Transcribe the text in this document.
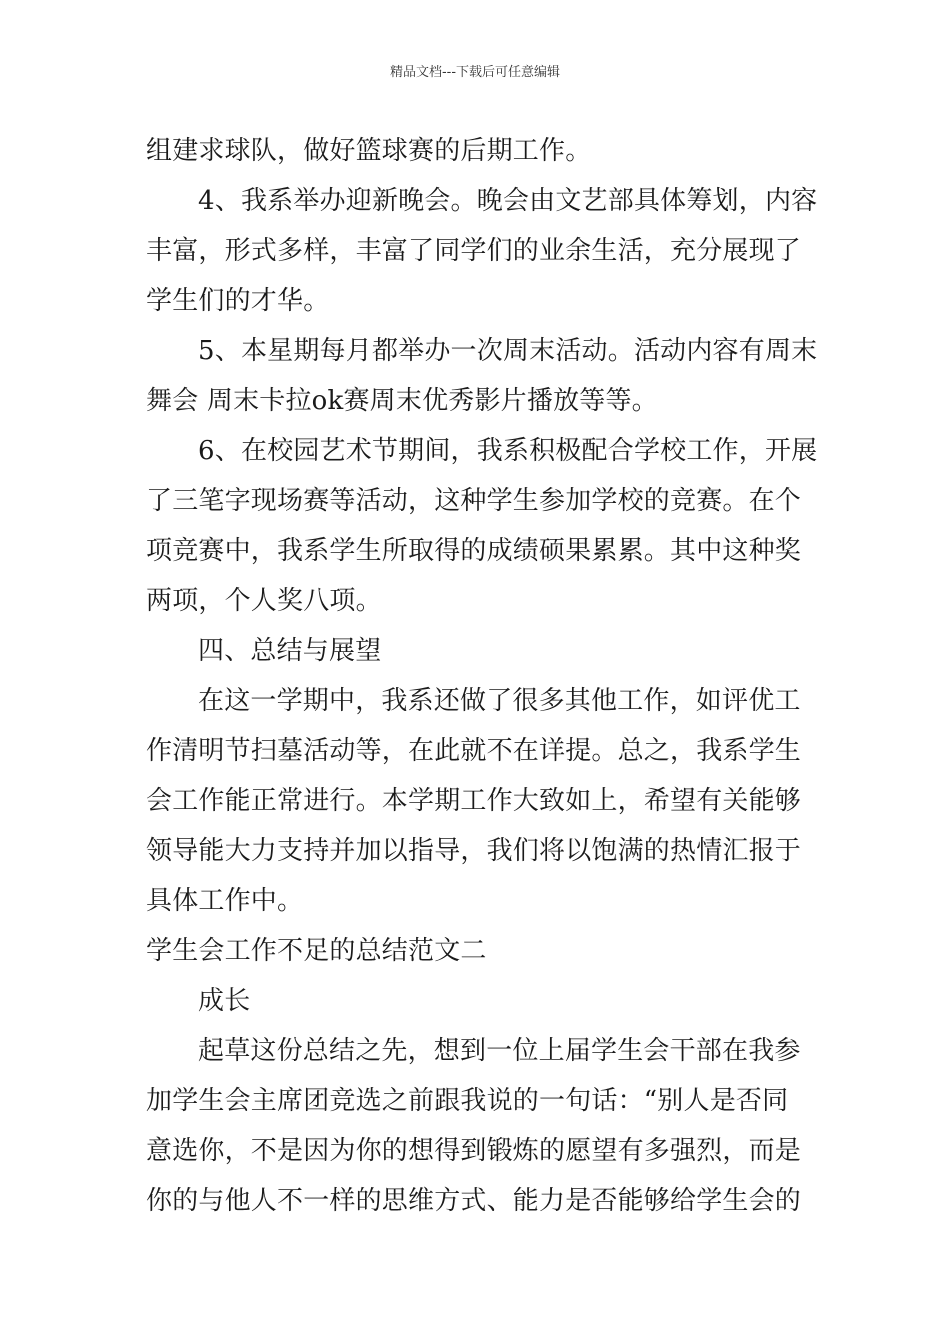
精品文档---下载后可任意编辑
组建求球队，做好篮球赛的后期工作。
4、我系举办迎新晚会。晚会由文艺部具体筹划，内容
丰富，形式多样，丰富了同学们的业余生活，充分展现了
学生们的才华。
5、本星期每月都举办一次周末活动。活动内容有周末
舞会 周末卡拉ok赛周末优秀影片播放等等。
6、在校园艺术节期间，我系积极配合学校工作，开展
了三笔字现场赛等活动，这种学生参加学校的竞赛。在个
项竞赛中，我系学生所取得的成绩硕果累累。其中这种奖
两项，个人奖八项。
四、总结与展望
在这一学期中，我系还做了很多其他工作，如评优工
作清明节扫墓活动等，在此就不在详提。总之，我系学生
会工作能正常进行。本学期工作大致如上，希望有关能够
领导能大力支持并加以指导，我们将以饱满的热情汇报于
具体工作中。
学生会工作不足的总结范文二
成长
起草这份总结之先，想到一位上届学生会干部在我参
加学生会主席团竞选之前跟我说的一句话：“别人是否同
意选你，不是因为你的想得到锻炼的愿望有多强烈，而是
你的与他人不一样的思维方式、能力是否能够给学生会的
